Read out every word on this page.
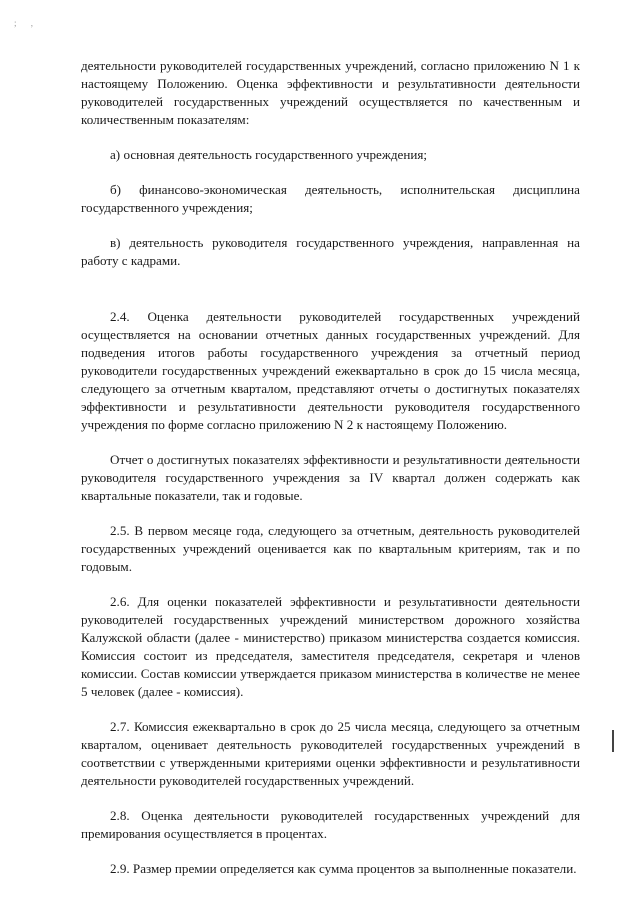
; ,

деятельности руководителей государственных учреждений, согласно приложению N 1 к настоящему Положению. Оценка эффективности и результативности деятельности руководителей государственных учреждений осуществляется по качественным и количественным показателям:

а) основная деятельность государственного учреждения;

б) финансово-экономическая деятельность, исполнительская дисциплина государственного учреждения;

в) деятельность руководителя государственного учреждения, направленная на работу с кадрами.

2.4. Оценка деятельности руководителей государственных учреждений осуществляется на основании отчетных данных государственных учреждений. Для подведения итогов работы государственного учреждения за отчетный период руководители государственных учреждений ежеквартально в срок до 15 числа месяца, следующего за отчетным кварталом, представляют отчеты о достигнутых показателях эффективности и результативности деятельности руководителя государственного учреждения по форме согласно приложению N 2 к настоящему Положению.

Отчет о достигнутых показателях эффективности и результативности деятельности руководителя государственного учреждения за IV квартал должен содержать как квартальные показатели, так и годовые.

2.5. В первом месяце года, следующего за отчетным, деятельность руководителей государственных учреждений оценивается как по квартальным критериям, так и по годовым.

2.6. Для оценки показателей эффективности и результативности деятельности руководителей государственных учреждений министерством дорожного хозяйства Калужской области (далее - министерство) приказом министерства создается комиссия. Комиссия состоит из председателя, заместителя председателя, секретаря и членов комиссии. Состав комиссии утверждается приказом министерства в количестве не менее 5 человек (далее - комиссия).

2.7. Комиссия ежеквартально в срок до 25 числа месяца, следующего за отчетным кварталом, оценивает деятельность руководителей государственных учреждений в соответствии с утвержденными критериями оценки эффективности и результативности деятельности руководителей государственных учреждений.

2.8. Оценка деятельности руководителей государственных учреждений для премирования осуществляется в процентах.

2.9. Размер премии определяется как сумма процентов за выполненные показатели.
